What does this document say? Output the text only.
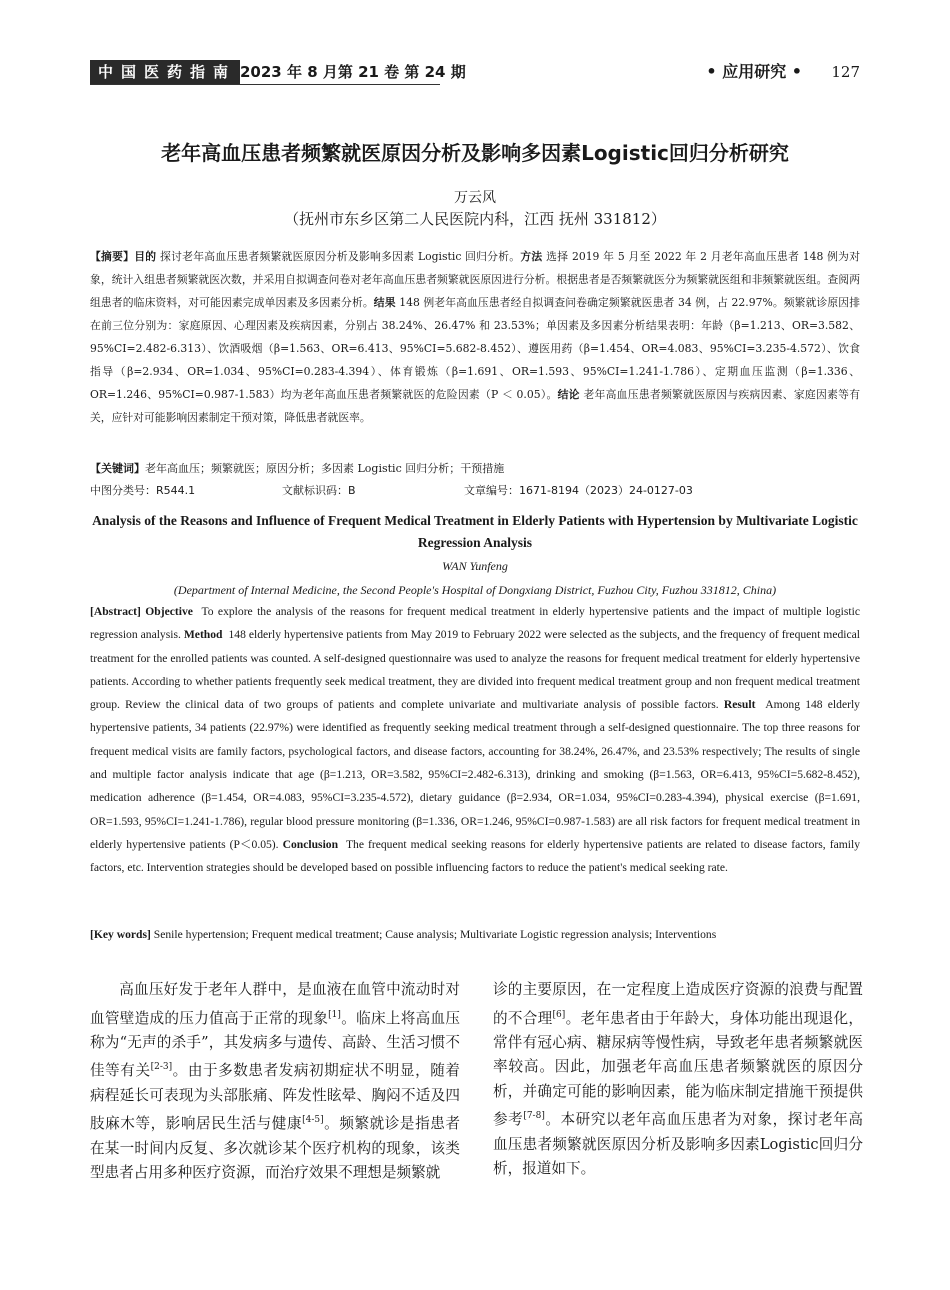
中国医药指南 2023 年 8 月第 21 卷 第 24 期	• 应用研究 • 127
老年高血压患者频繁就医原因分析及影响多因素Logistic回归分析研究
万云风
（抚州市东乡区第二人民医院内科，江西 抚州 331812）
【摘要】目的 探讨老年高血压患者频繁就医原因分析及影响多因素 Logistic 回归分析。方法 选择 2019 年 5 月至 2022 年 2 月老年高血压患者 148 例为对象，统计入组患者频繁就医次数，并采用自拟调查问卷对老年高血压患者频繁就医原因进行分析。根据患者是否频繁就医分为频繁就医组和非频繁就医组。查阅两组患者的临床资料，对可能因素完成单因素及多因素分析。结果 148 例老年高血压患者经自拟调查问卷确定频繁就医患者 34 例，占 22.97%。频繁就诊原因排在前三位分别为：家庭原因、心理因素及疾病因素，分别占 38.24%、26.47% 和 23.53%；单因素及多因素分析结果表明：年龄（β=1.213、OR=3.582、95%CI=2.482-6.313）、饮酒吸烟（β=1.563、OR=6.413、95%CI=5.682-8.452）、遵医用药（β=1.454、OR=4.083、95%CI=3.235-4.572）、饮食指导（β=2.934、OR=1.034、95%CI=0.283-4.394）、体育锻炼（β=1.691、OR=1.593、95%CI=1.241-1.786）、定期血压监测（β=1.336、OR=1.246、95%CI=0.987-1.583）均为老年高血压患者频繁就医的危险因素（P ＜ 0.05）。结论 老年高血压患者频繁就医原因与疾病因素、家庭因素等有关，应针对可能影响因素制定干预对策，降低患者就医率。
【关键词】老年高血压；频繁就医；原因分析；多因素 Logistic 回归分析；干预措施
中图分类号：R544.1	文献标识码：B	文章编号：1671-8194（2023）24-0127-03
Analysis of the Reasons and Influence of Frequent Medical Treatment in Elderly Patients with Hypertension by Multivariate Logistic Regression Analysis
WAN Yunfeng
(Department of Internal Medicine, the Second People's Hospital of Dongxiang District, Fuzhou City, Fuzhou 331812, China)
[Abstract] Objective To explore the analysis of the reasons for frequent medical treatment in elderly hypertensive patients and the impact of multiple logistic regression analysis. Method 148 elderly hypertensive patients from May 2019 to February 2022 were selected as the subjects, and the frequency of frequent medical treatment for the enrolled patients was counted. A self-designed questionnaire was used to analyze the reasons for frequent medical treatment for elderly hypertensive patients. According to whether patients frequently seek medical treatment, they are divided into frequent medical treatment group and non frequent medical treatment group. Review the clinical data of two groups of patients and complete univariate and multivariate analysis of possible factors. Result Among 148 elderly hypertensive patients, 34 patients (22.97%) were identified as frequently seeking medical treatment through a self-designed questionnaire. The top three reasons for frequent medical visits are family factors, psychological factors, and disease factors, accounting for 38.24%, 26.47%, and 23.53% respectively; The results of single and multiple factor analysis indicate that age (β=1.213, OR=3.582, 95%CI=2.482-6.313), drinking and smoking (β=1.563, OR=6.413, 95%CI=5.682-8.452), medication adherence (β=1.454, OR=4.083, 95%CI=3.235-4.572), dietary guidance (β=2.934, OR=1.034, 95%CI=0.283-4.394), physical exercise (β=1.691, OR=1.593, 95%CI=1.241-1.786), regular blood pressure monitoring (β=1.336, OR=1.246, 95%CI=0.987-1.583) are all risk factors for frequent medical treatment in elderly hypertensive patients (P＜0.05). Conclusion The frequent medical seeking reasons for elderly hypertensive patients are related to disease factors, family factors, etc. Intervention strategies should be developed based on possible influencing factors to reduce the patient's medical seeking rate.
[Key words] Senile hypertension; Frequent medical treatment; Cause analysis; Multivariate Logistic regression analysis; Interventions
高血压好发于老年人群中，是血液在血管中流动时对血管壁造成的压力值高于正常的现象[1]。临床上将高血压称为“无声的杀手”，其发病多与遗传、高龄、生活习惯不佳等有关[2-3]。由于多数患者发病初期症状不明显，随着病程延长可表现为头部胀痛、阵发性眩晕、胸闷不适及四肢麻木等，影响居民生活与健康[4-5]。频繁就诊是指患者在某一时间内反复、多次就诊某个医疗机构的现象，该类型患者占用多种医疗资源，而治疗效果不理想是频繁就
诊的主要原因，在一定程度上造成医疗资源的浪费与配置的不合理[6]。老年患者由于年龄大，身体功能出现退化，常伴有冠心病、糖尿病等慢性病，导致老年患者频繁就医率较高。因此，加强老年高血压患者频繁就医的原因分析，并确定可能的影响因素，能为临床制定措施干预提供参考[7-8]。本研究以老年高血压患者为对象，探讨老年高血压患者频繁就医原因分析及影响多因素Logistic回归分析，报道如下。
